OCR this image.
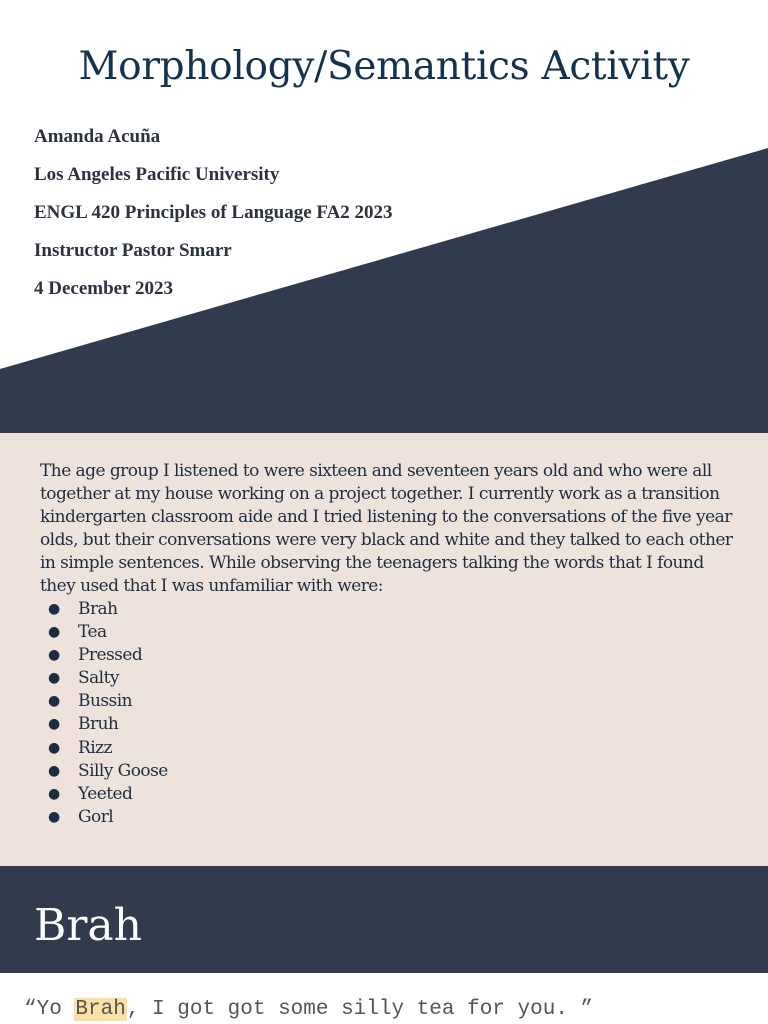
Morphology/Semantics Activity
Amanda Acuña
Los Angeles Pacific University
ENGL 420 Principles of Language FA2 2023
Instructor Pastor Smarr
4 December 2023

The age group I listened to were sixteen and seventeen years old and who were all together at my house working on a project together. I currently work as a transition kindergarten classroom aide and I tried listening to the conversations of the five year olds, but their conversations were very black and white and they talked to each other in simple sentences. While observing the teenagers talking the words that I found they used that I was unfamiliar with were:

● Brah
● Tea
● Pressed
● Salty
● Bussin
● Bruh
● Rizz
● Silly Goose
● Yeeted
● Gorl
Brah
“Yo Brah, I got got some silly tea for you. ”
